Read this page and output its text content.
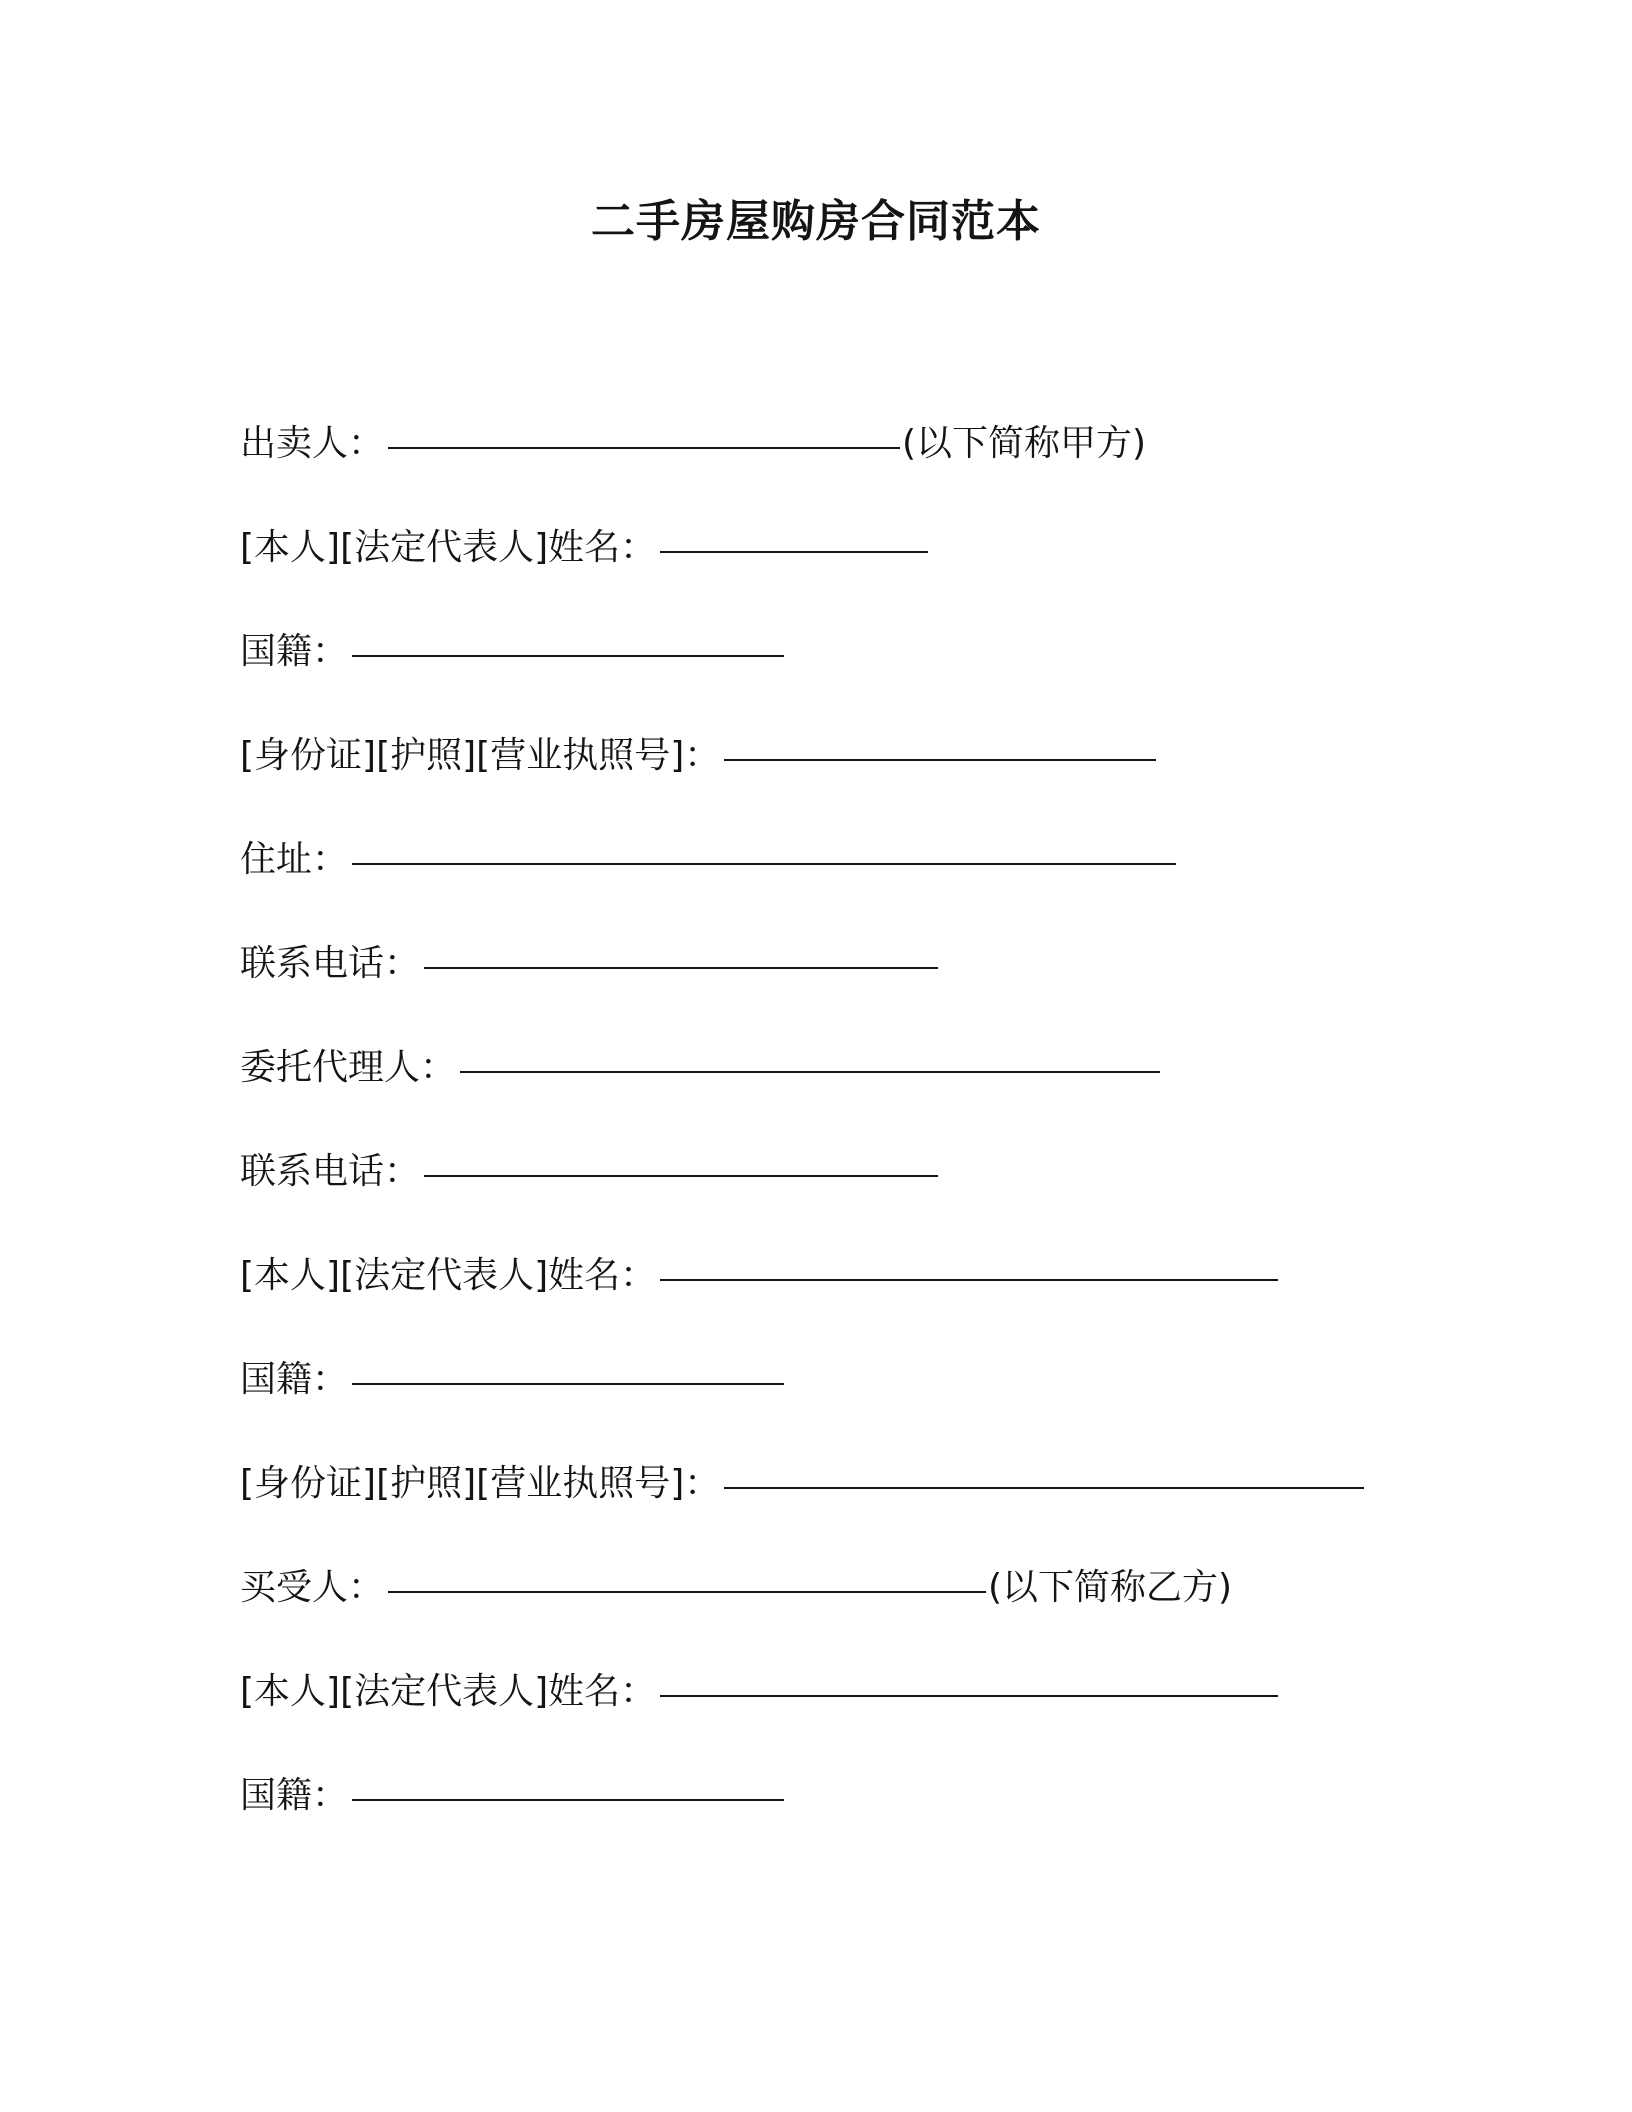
二手房屋购房合同范本
出卖人：	(以下简称甲方)
[本人][法定代表人]姓名：
国籍：
[身份证][护照][营业执照号]：
住址：
联系电话：
委托代理人：
联系电话：
[本人][法定代表人]姓名：
国籍：
[身份证][护照][营业执照号]：
买受人：	(以下简称乙方)
[本人][法定代表人]姓名：
国籍：
